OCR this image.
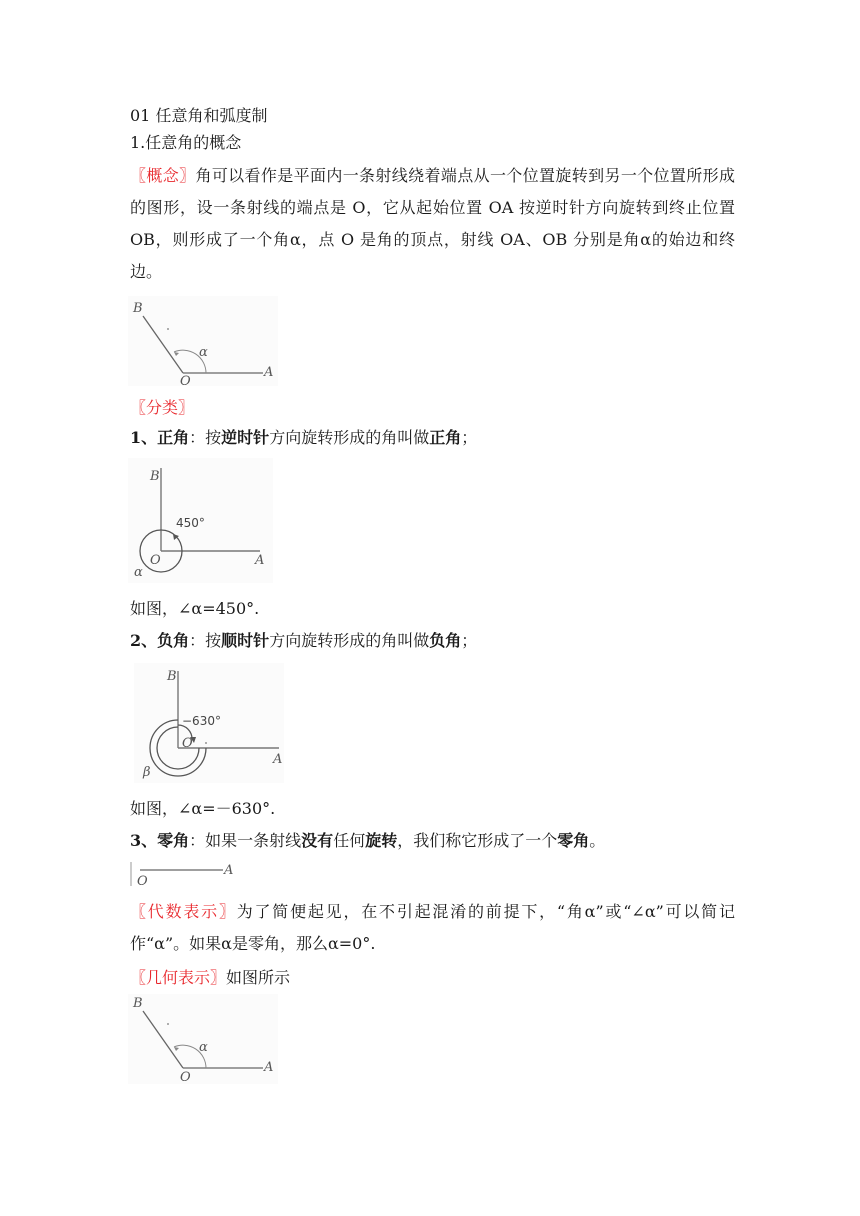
01 任意角和弧度制
1.任意角的概念
〖概念〗角可以看作是平面内一条射线绕着端点从一个位置旋转到另一个位置所形成的图形，设一条射线的端点是 O，它从起始位置 OA 按逆时针方向旋转到终止位置 OB，则形成了一个角α，点 O 是角的顶点，射线 OA、OB 分别是角α的始边和终边。
B
O
A
α
〖分类〗
1、正角：按逆时针方向旋转形成的角叫做正角；
B
O	A
α
450°
如图，∠α=450°.
2、负角：按顺时针方向旋转形成的角叫做负角；
B
O
A
β
−630°
如图，∠α=－630°.
3、零角：如果一条射线没有任何旋转，我们称它形成了一个零角。
O
A
〖代数表示〗为了简便起见，在不引起混淆的前提下，“角α”或“∠α”可以简记作“α”。如果α是零角，那么α=0°.
〖几何表示〗如图所示
B
O
A
α
